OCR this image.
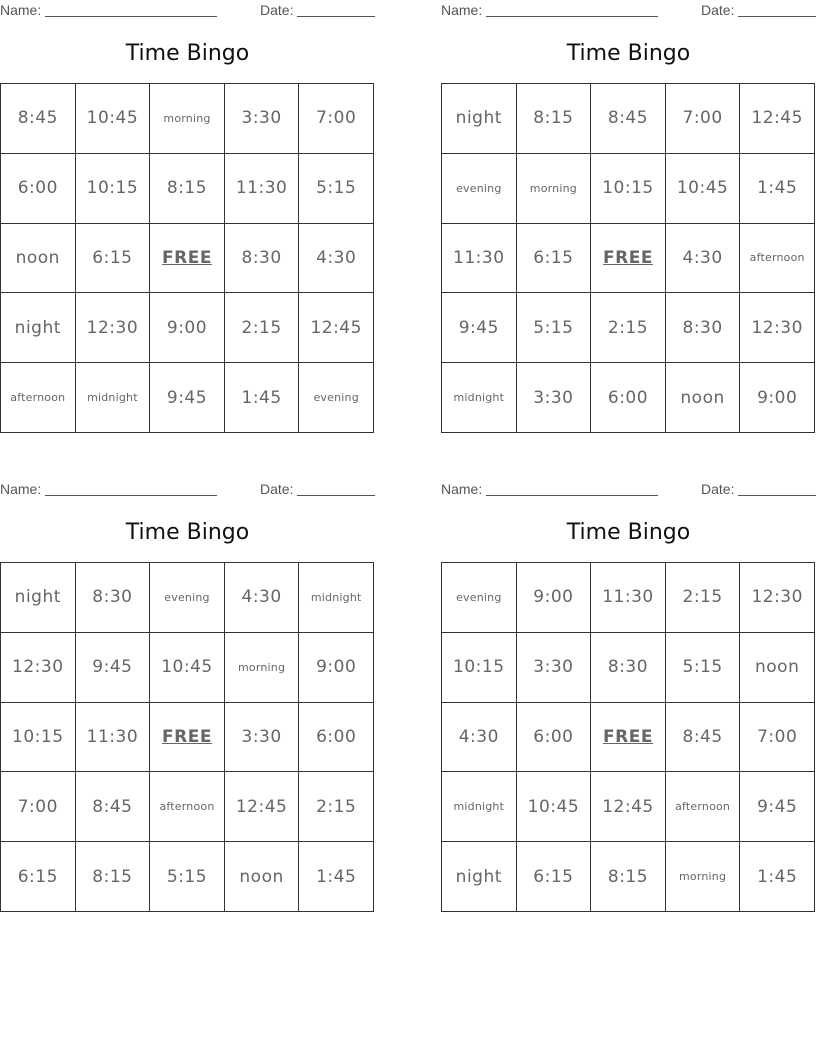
Name:	Date:
Time Bingo
8:45	10:45	morning	3:30	7:00
6:00	10:15	8:15	11:30	5:15
noon	6:15	FREE	8:30	4:30
night	12:30	9:00	2:15	12:45
afternoon	midnight	9:45	1:45	evening
Name:	Date:
Time Bingo
night	8:15	8:45	7:00	12:45
evening	morning	10:15	10:45	1:45
11:30	6:15	FREE	4:30	afternoon
9:45	5:15	2:15	8:30	12:30
midnight	3:30	6:00	noon	9:00
Name:	Date:
Time Bingo
night	8:30	evening	4:30	midnight
12:30	9:45	10:45	morning	9:00
10:15	11:30	FREE	3:30	6:00
7:00	8:45	afternoon	12:45	2:15
6:15	8:15	5:15	noon	1:45
Name:	Date:
Time Bingo
evening	9:00	11:30	2:15	12:30
10:15	3:30	8:30	5:15	noon
4:30	6:00	FREE	8:45	7:00
midnight	10:45	12:45	afternoon	9:45
night	6:15	8:15	morning	1:45
